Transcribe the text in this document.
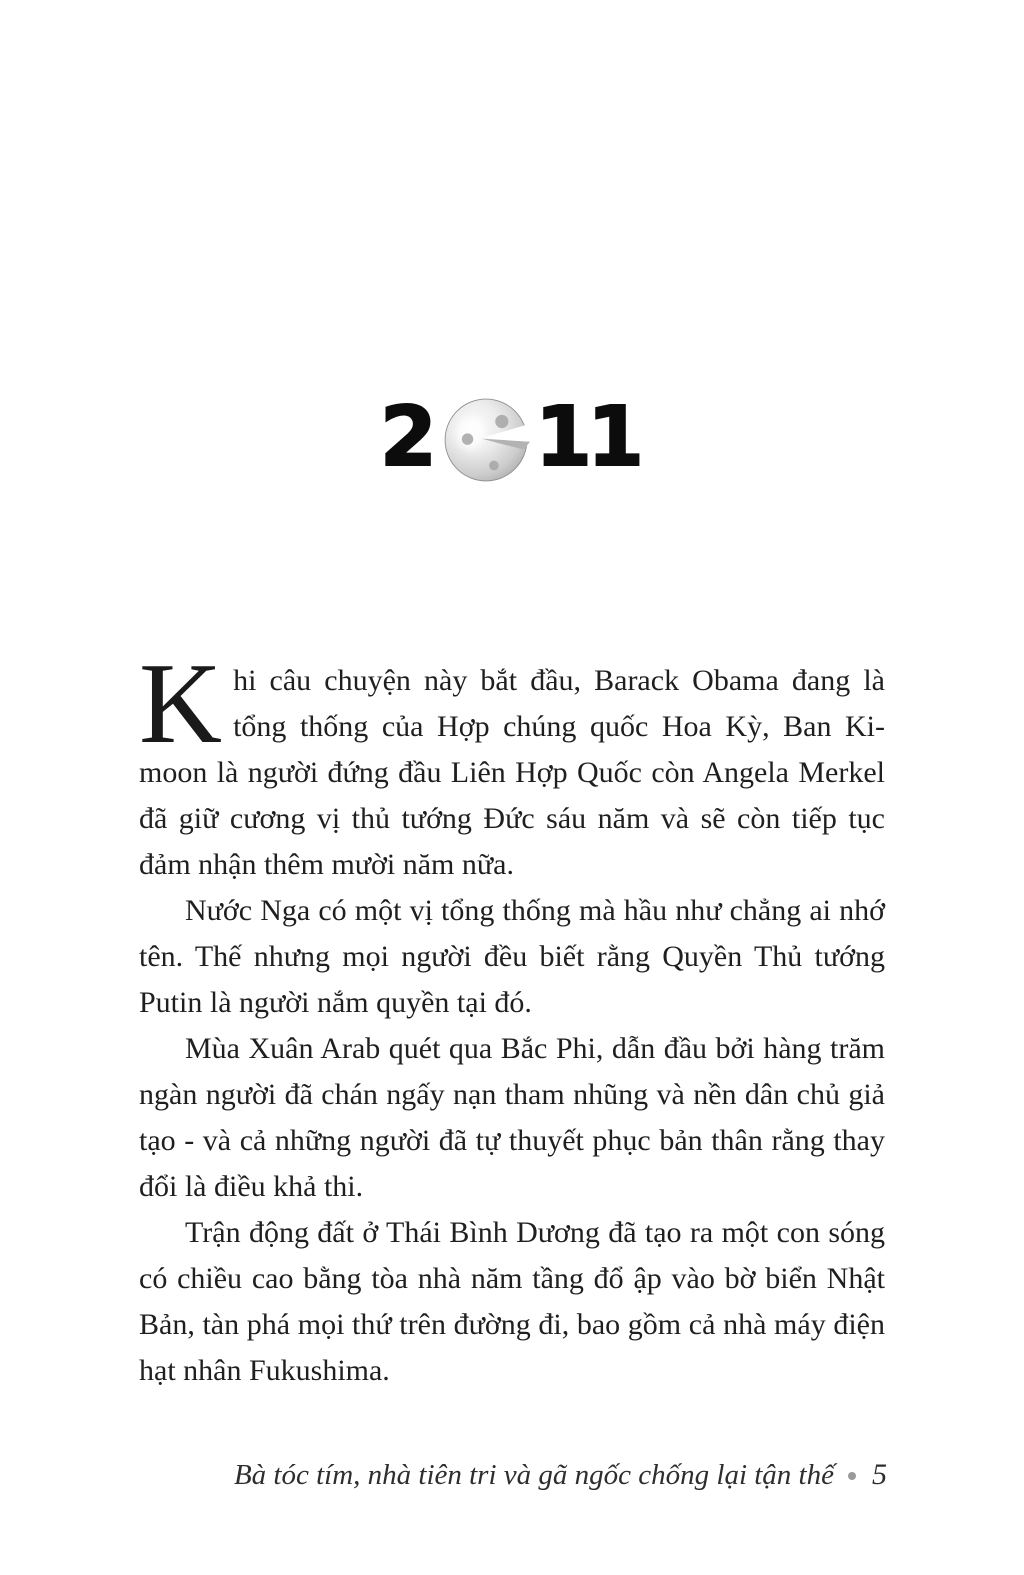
2 11

K hi câu chuyện này bắt đầu, Barack Obama đang là tổng thống của Hợp chúng quốc Hoa Kỳ, Ban Ki-moon là người đứng đầu Liên Hợp Quốc còn Angela Merkel đã giữ cương vị thủ tướng Đức sáu năm và sẽ còn tiếp tục đảm nhận thêm mười năm nữa.

Nước Nga có một vị tổng thống mà hầu như chẳng ai nhớ tên. Thế nhưng mọi người đều biết rằng Quyền Thủ tướng Putin là người nắm quyền tại đó.

Mùa Xuân Arab quét qua Bắc Phi, dẫn đầu bởi hàng trăm ngàn người đã chán ngấy nạn tham nhũng và nền dân chủ giả tạo - và cả những người đã tự thuyết phục bản thân rằng thay đổi là điều khả thi.

Trận động đất ở Thái Bình Dương đã tạo ra một con sóng có chiều cao bằng tòa nhà năm tầng đổ ập vào bờ biển Nhật Bản, tàn phá mọi thứ trên đường đi, bao gồm cả nhà máy điện hạt nhân Fukushima.

Bà tóc tím, nhà tiên tri và gã ngốc chống lại tận thế 5
